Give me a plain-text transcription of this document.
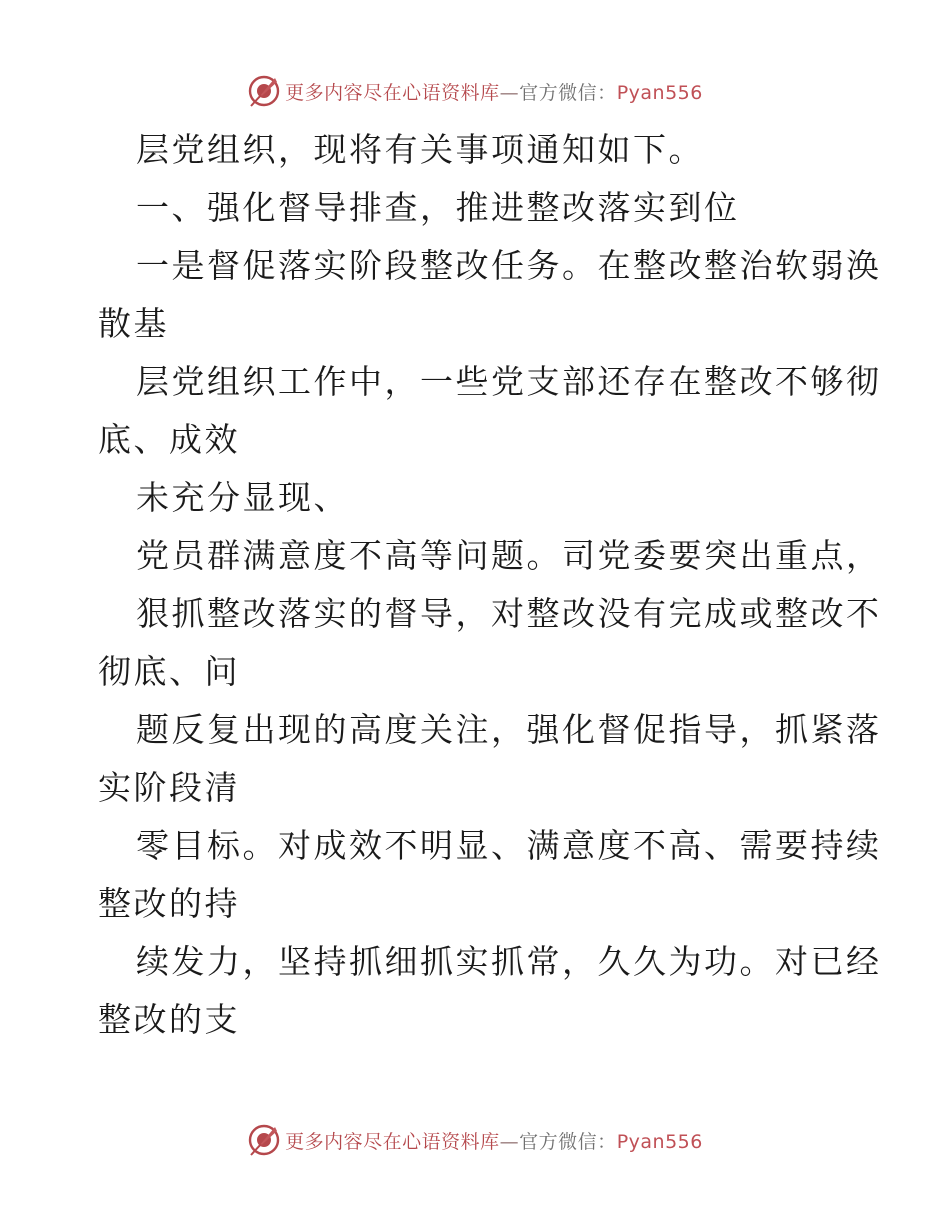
更多内容尽在心语资料库—官方微信：Pyan556
层党组织，现将有关事项通知如下。
一、强化督导排查，推进整改落实到位
一是督促落实阶段整改任务。在整改整治软弱涣
散基
层党组织工作中，一些党支部还存在整改不够彻
底、成效
未充分显现、
党员群满意度不高等问题。司党委要突出重点，
狠抓整改落实的督导，对整改没有完成或整改不
彻底、问
题反复出现的高度关注，强化督促指导，抓紧落
实阶段清
零目标。对成效不明显、满意度不高、需要持续
整改的持
续发力，坚持抓细抓实抓常，久久为功。对已经
整改的支
更多内容尽在心语资料库—官方微信：Pyan556
